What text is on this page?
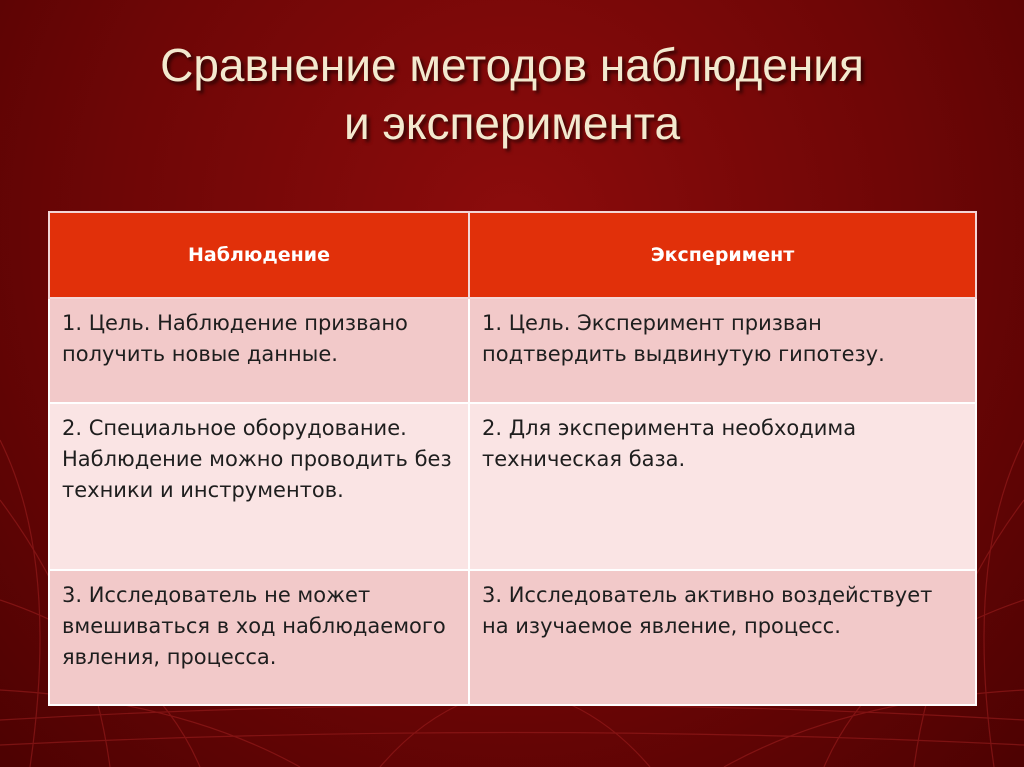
Сравнение методов наблюдения
и эксперимента
Наблюдение	Эксперимент
1. Цель. Наблюдение призвано получить новые данные.	1. Цель. Эксперимент призван подтвердить выдвинутую гипотезу.
2. Специальное оборудование. Наблюдение можно проводить без техники и инструментов.	2. Для эксперимента необходима техническая база.
3. Исследователь не может вмешиваться в ход наблюдаемого явления, процесса.	3. Исследователь активно воздействует на изучаемое явление, процесс.
